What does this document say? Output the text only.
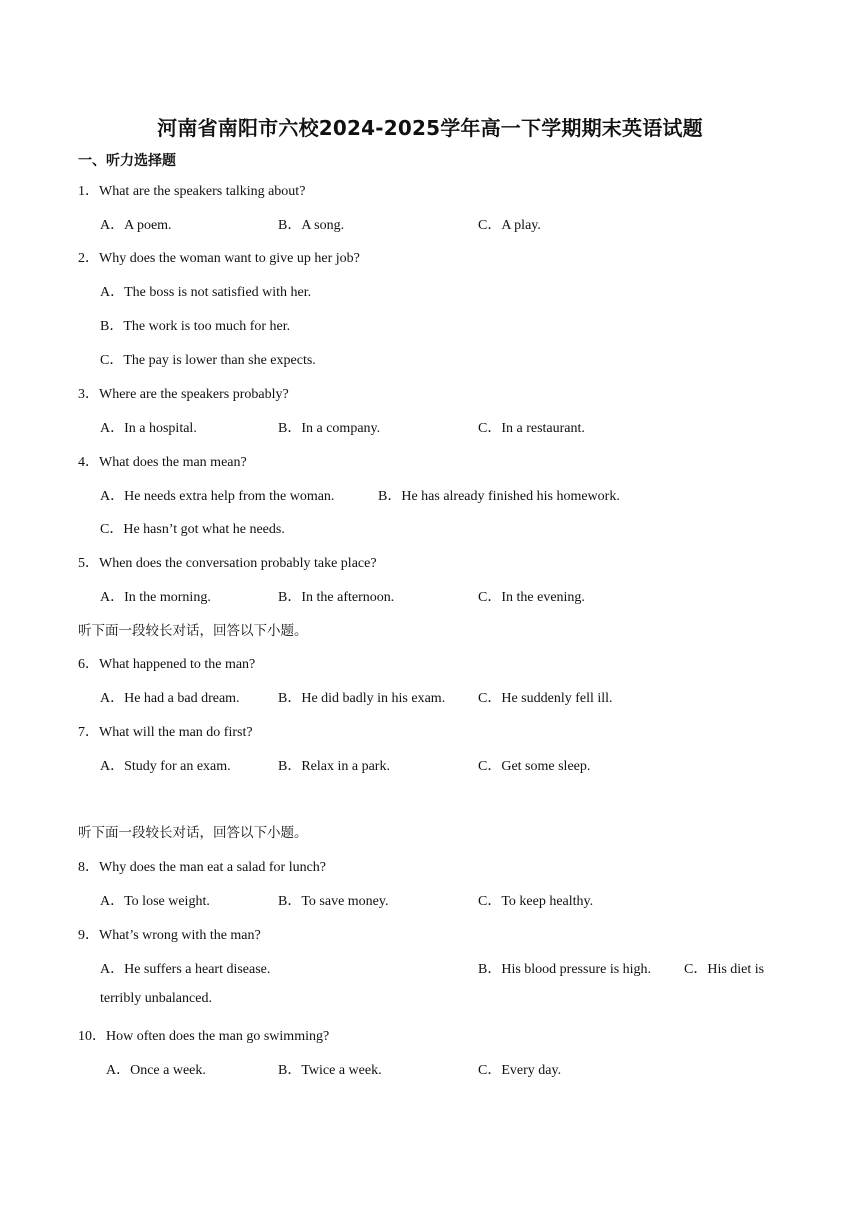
河南省南阳市六校2024-2025学年高一下学期期末英语试题
一、听力选择题
1．What are the speakers talking about?
A．A poem.	B．A song.	C．A play.
2．Why does the woman want to give up her job?
A．The boss is not satisfied with her.
B．The work is too much for her.
C．The pay is lower than she expects.
3．Where are the speakers probably?
A．In a hospital.	B．In a company.	C．In a restaurant.
4．What does the man mean?
A．He needs extra help from the woman.	B．He has already finished his homework.
C．He hasn’t got what he needs.
5．When does the conversation probably take place?
A．In the morning.	B．In the afternoon.	C．In the evening.
听下面一段较长对话，回答以下小题。
6．What happened to the man?
A．He had a bad dream.	B．He did badly in his exam. C．He suddenly fell ill.
7．What will the man do first?
A．Study for an exam.	B．Relax in a park.	C．Get some sleep.
听下面一段较长对话，回答以下小题。
8．Why does the man eat a salad for lunch?
A．To lose weight.	B．To save money.	C．To keep healthy.
9．What’s wrong with the man?
A．He suffers a heart disease.	B．His blood pressure is high. C．His diet is
terribly unbalanced.
10．How often does the man go swimming?
A．Once a week.	B．Twice a week.	C．Every day.
